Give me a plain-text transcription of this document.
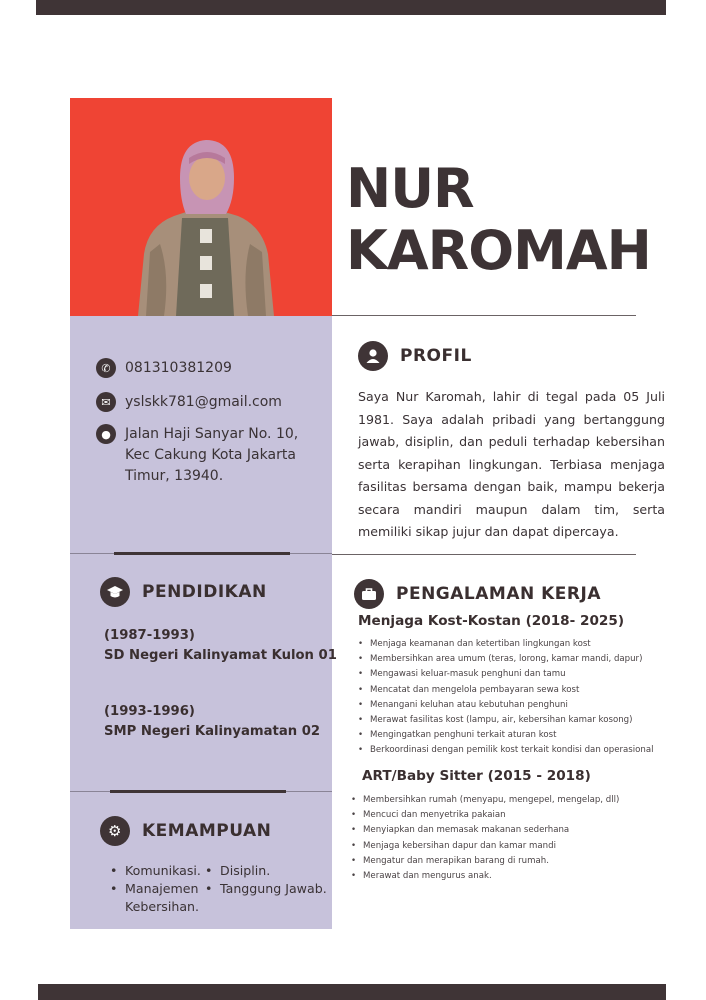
NUR
KAROMAH
✆	081310381209
✉	yslskk781@gmail.com
●	Jalan Haji Sanyar No. 10,
Kec Cakung Kota Jakarta
Timur, 13940.
PROFIL
Saya Nur Karomah, lahir di tegal pada 05 Juli 1981. Saya adalah pribadi yang bertanggung jawab, disiplin, dan peduli terhadap kebersihan serta kerapihan lingkungan. Terbiasa menjaga fasilitas bersama dengan baik, mampu bekerja secara mandiri maupun dalam tim, serta memiliki sikap jujur dan dapat dipercaya.
PENDIDIKAN
(1987-1993)
SD Negeri Kalinyamat Kulon 01
(1993-1996)
SMP Negeri Kalinyamatan 02
⚙	KEMAMPUAN
• Komunikasi. • Disiplin.
• Manajemen • Tanggung Jawab.
Kebersihan.
PENGALAMAN KERJA
Menjaga Kost-Kostan (2018- 2025)
• Menjaga keamanan dan ketertiban lingkungan kost
• Membersihkan area umum (teras, lorong, kamar mandi, dapur)
• Mengawasi keluar-masuk penghuni dan tamu
• Mencatat dan mengelola pembayaran sewa kost
• Menangani keluhan atau kebutuhan penghuni
• Merawat fasilitas kost (lampu, air, kebersihan kamar kosong)
• Mengingatkan penghuni terkait aturan kost
• Berkoordinasi dengan pemilik kost terkait kondisi dan operasional
ART/Baby Sitter (2015 - 2018)
• Membersihkan rumah (menyapu, mengepel, mengelap, dll)
• Mencuci dan menyetrika pakaian
• Menyiapkan dan memasak makanan sederhana
• Menjaga kebersihan dapur dan kamar mandi
• Mengatur dan merapikan barang di rumah.
• Merawat dan mengurus anak.
